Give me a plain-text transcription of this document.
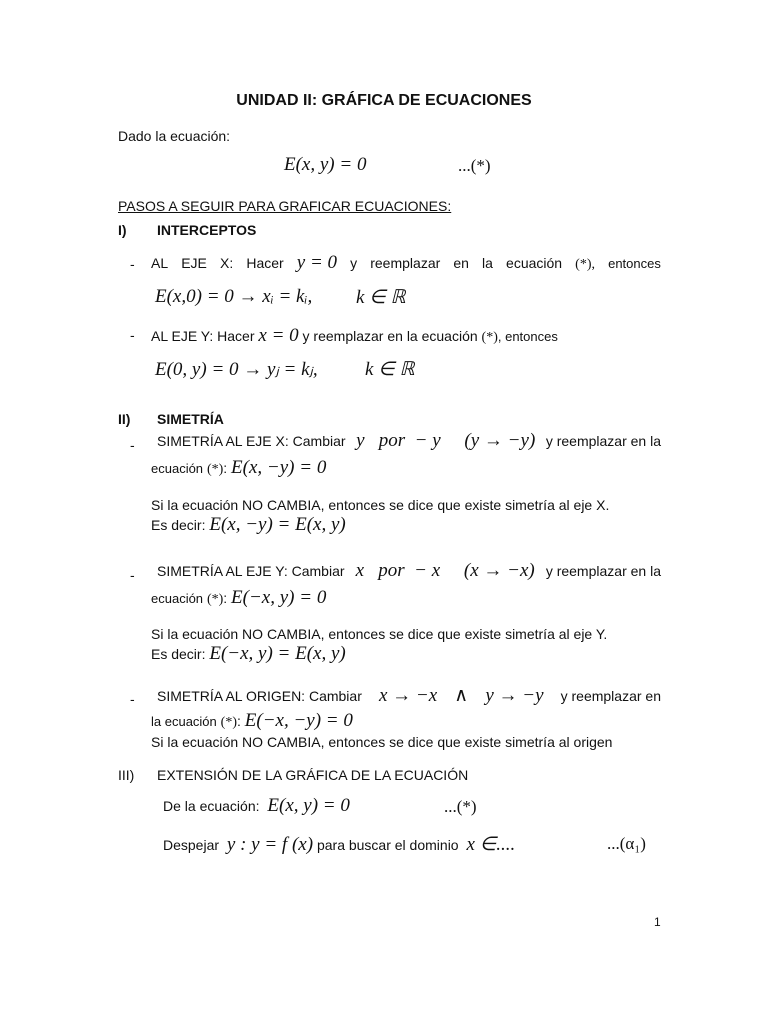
UNIDAD II: GRÁFICA DE ECUACIONES
Dado la ecuación:
E(x, y) = 0	...(*)
PASOS A SEGUIR PARA GRAFICAR ECUACIONES:
I) INTERCEPTOS
- AL EJE X: Hacer y = 0 y reemplazar en la ecuación (*), entonces
E(x,0) = 0 → xᵢ = kᵢ, k ∈ ℝ
- AL EJE Y: Hacer x = 0 y reemplazar en la ecuación (*), entonces
E(0, y) = 0 → yⱼ = kⱼ, k ∈ ℝ
II) SIMETRÍA
- SIMETRÍA AL EJE X: Cambiar y   por  − y     (y → −y) y reemplazar en la
ecuación (*): E(x, −y) = 0
Si la ecuación NO CAMBIA, entonces se dice que existe simetría al eje X.
Es decir: E(x, −y) = E(x, y)
- SIMETRÍA AL EJE Y: Cambiar x   por  − x     (x → −x) y reemplazar en la
ecuación (*): E(−x, y) = 0
Si la ecuación NO CAMBIA, entonces se dice que existe simetría al eje Y.
Es decir: E(−x, y) = E(x, y)
- SIMETRÍA AL ORIGEN: Cambiar x → −x ∧ y → −y y reemplazar en
la ecuación (*): E(−x, −y) = 0
Si la ecuación NO CAMBIA, entonces se dice que existe simetría al origen
III) EXTENSIÓN DE LA GRÁFICA DE LA ECUACIÓN
De la ecuación: E(x, y) = 0	...(*)
Despejar y : y = f (x) para buscar el dominio x ∈....	...(α₁)
1
